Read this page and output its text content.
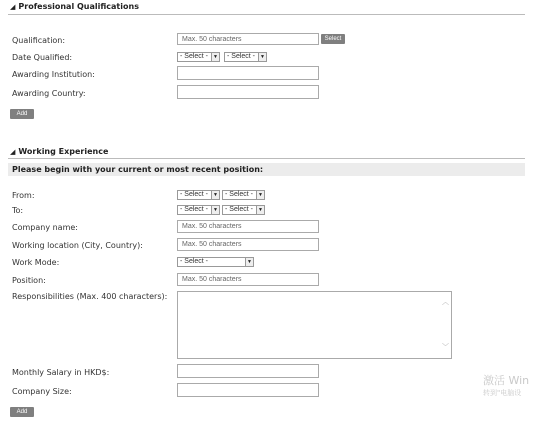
◢ Professional Qualifications
Qualification:	Max. 50 characters	Select
Date Qualified:	- Select -	▼ - Select -	▼
Awarding Institution:
Awarding Country:
Add
◢ Working Experience
Please begin with your current or most recent position:
From:	- Select -	▼ - Select -	▼
To:	- Select -	▼ - Select -	▼
Company name:	Max. 50 characters
Working location (City, Country):	Max. 50 characters
Work Mode:	- Select -	▼
Position:	Max. 50 characters
Responsibilities (Max. 400 characters):
︿
﹀
Monthly Salary in HKD$:
Company Size:
Add
激活 Win
转到"电脑设
